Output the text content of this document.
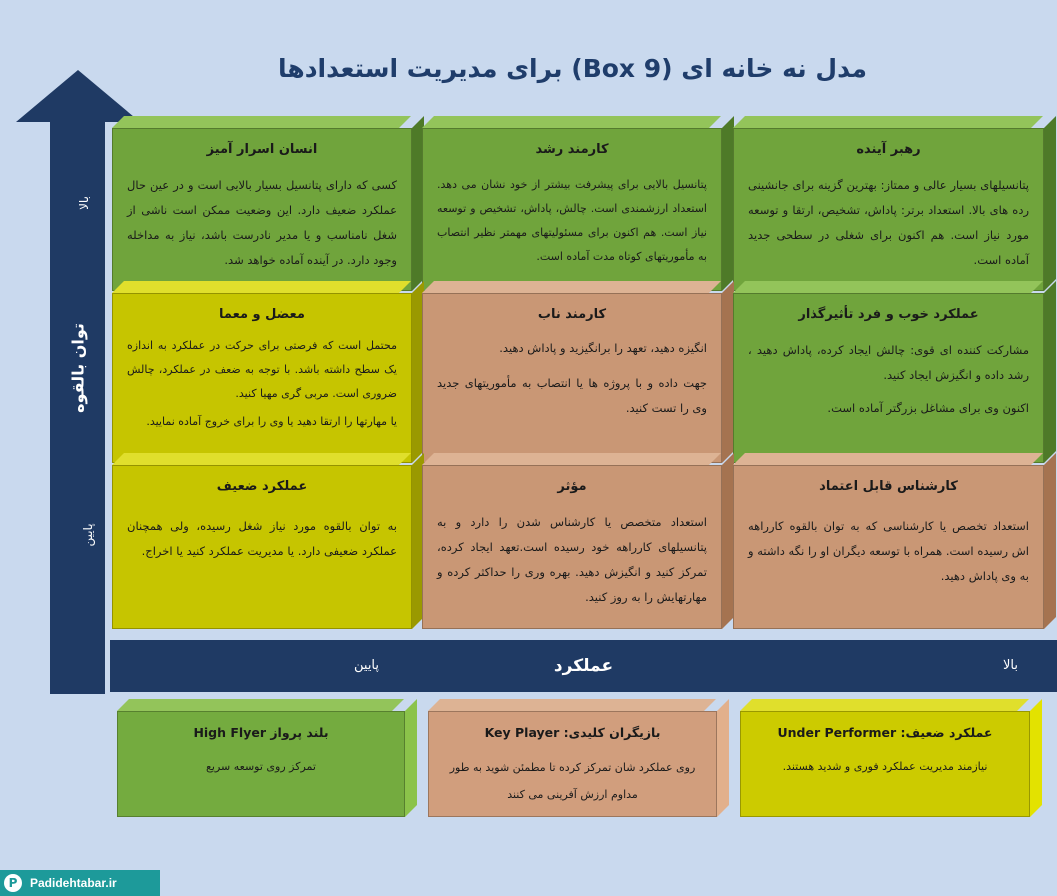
مدل نه خانه ای (9 Box) برای مدیریت استعدادها
توان بالقوه
بالا
پایین
انسان اسرار آمیز

کسی که دارای پتانسیل بسیار بالایی است و در عین حال عملکرد ضعیف دارد. این وضعیت ممکن است ناشی از شغل نامناسب و یا مدیر نادرست باشد، نیاز به مداخله وجود دارد. در آینده آماده خواهد شد.

کارمند رشد

پتانسیل بالایی برای پیشرفت بیشتر از خود نشان می دهد. استعداد ارزشمندی است. چالش، پاداش، تشخیص و توسعه نیاز است. هم اکنون برای مسئولیتهای مهمتر نظیر انتصاب به مأموریتهای کوتاه مدت آماده است.

رهبر آینده

پتانسیلهای بسیار عالی و ممتاز: بهترین گزینه برای جانشینی رده های بالا. استعداد برتر: پاداش، تشخیص، ارتقا و توسعه مورد نیاز است. هم اکنون برای شغلی در سطحی جدید آماده است.

معضل و معما

محتمل است که فرصتی برای حرکت در عملکرد به اندازه یک سطح داشته باشد. با توجه به ضعف در عملکرد، چالش ضروری است. مربی گری مهیا کنید.

یا مهارتها را ارتقا دهید یا وی را برای خروج آماده نمایید.

کارمند ناب

انگیزه دهید، تعهد را برانگیزید و پاداش دهید.

جهت داده و با پروژه ها یا انتصاب به مأموریتهای جدید وی را تست کنید.

عملکرد خوب و فرد تأثیرگذار

مشارکت کننده ای قوی: چالش ایجاد کرده، پاداش دهید ، رشد داده و انگیزش ایجاد کنید.

اکنون وی برای مشاغل بزرگتر آماده است.

عملکرد ضعیف

به توان بالقوه مورد نیاز شغل رسیده، ولی همچنان عملکرد ضعیفی دارد. یا مدیریت عملکرد کنید یا اخراج.

مؤثر

استعداد متخصص یا کارشناس شدن را دارد و به پتانسیلهای کارراهه خود رسیده است.تعهد ایجاد کرده، تمرکز کنید و انگیزش دهید. بهره وری را حداکثر کرده و مهارتهایش را به روز کنید.

کارشناس قابل اعتماد

استعداد تخصص یا کارشناسی که به توان بالقوه کارراهه اش رسیده است. همراه با توسعه دیگران او را نگه داشته و به وی پاداش دهید.

عملکرد
پایین	بالا
بلند پرواز High Flyer

تمرکز روی توسعه سریع

بازیگران کلیدی: Key Player

روی عملکرد شان تمرکز کرده تا مطمئن شوید به طور مداوم ارزش آفرینی می کنند

عملکرد ضعیف: Under Performer

نیازمند مدیریت عملکرد فوری و شدید هستند.

P Padidehtabar.ir
